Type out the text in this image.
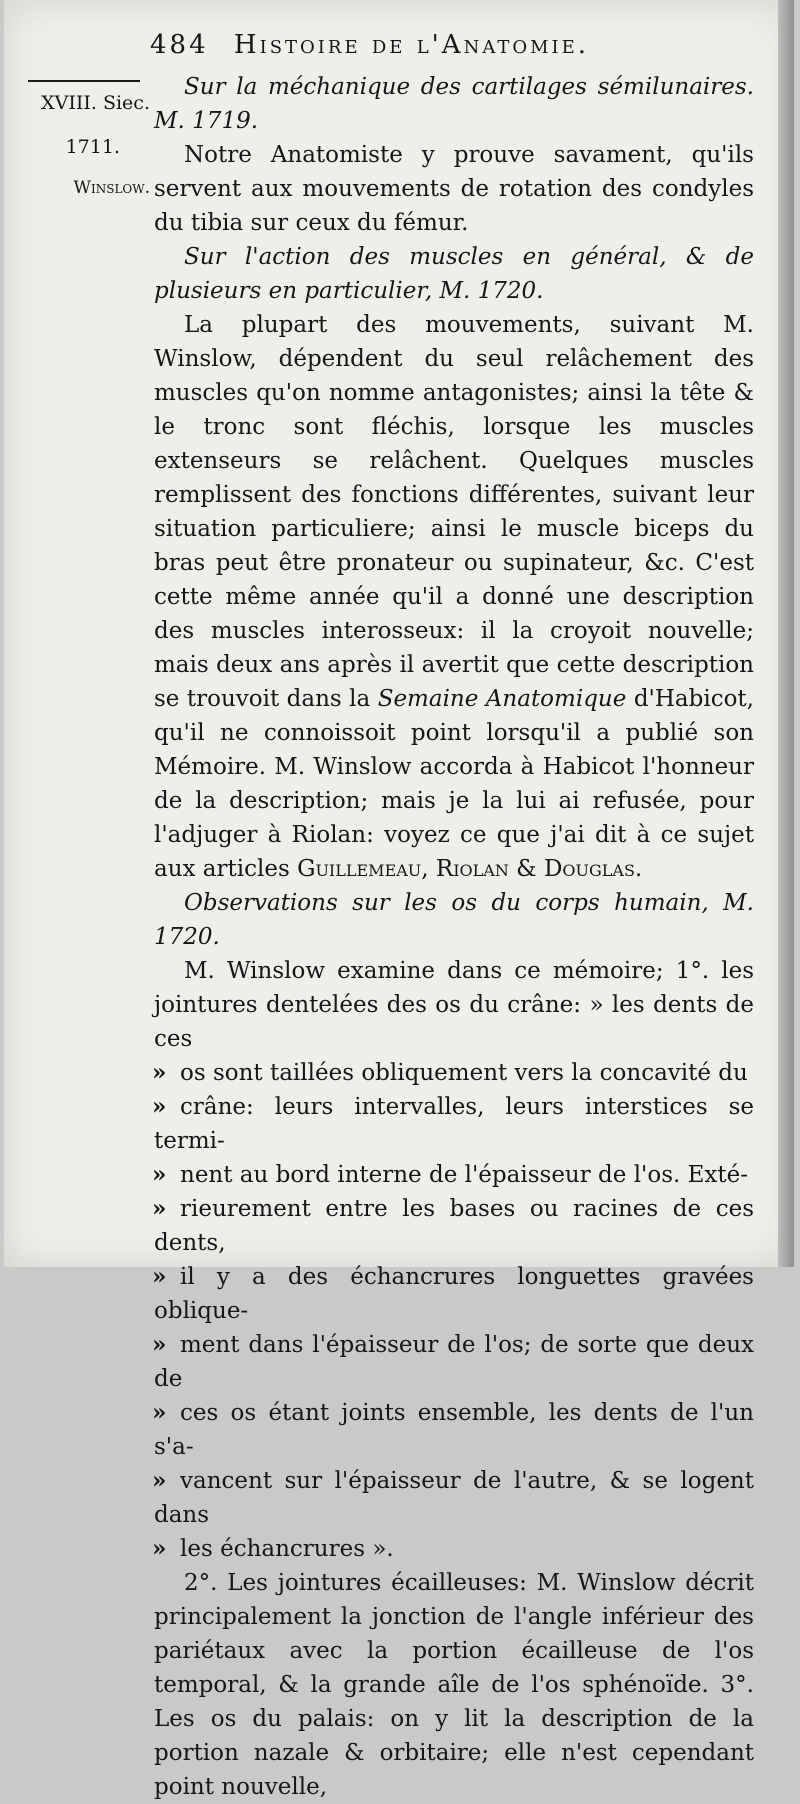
484 Histoire de l'Anatomie.
XVIII. Siec.
1711.
Winslow.

Sur la méchanique des cartilages sémilunaires. M. 1719.

Notre Anatomiste y prouve savament, qu'ils servent aux mouvements de rotation des condyles du tibia sur ceux du fémur.

Sur l'action des muscles en général, & de plusieurs en particulier, M. 1720.

La plupart des mouvements, suivant M. Winslow, dépendent du seul relâchement des muscles qu'on nomme antagonistes; ainsi la tête & le tronc sont fléchis, lorsque les muscles extenseurs se relâchent. Quelques muscles remplissent des fonctions différentes, suivant leur situation particuliere; ainsi le muscle biceps du bras peut être pronateur ou supinateur, &c. C'est cette même année qu'il a donné une description des muscles interosseux: il la croyoit nouvelle; mais deux ans après il avertit que cette description se trouvoit dans la Semaine Anatomique d'Habicot, qu'il ne connoissoit point lorsqu'il a publié son Mémoire. M. Winslow accorda à Habicot l'honneur de la description; mais je la lui ai refusée, pour l'adjuger à Riolan: voyez ce que j'ai dit à ce sujet aux articles Guillemeau, Riolan & Douglas.

Observations sur les os du corps humain, M. 1720.

M. Winslow examine dans ce mémoire; 1°. les jointures dentelées des os du crâne: » les dents de ces

» os sont taillées obliquement vers la concavité du

» crâne: leurs intervalles, leurs interstices se termi-

» nent au bord interne de l'épaisseur de l'os. Exté-

» rieurement entre les bases ou racines de ces dents,

» il y a des échancrures longuettes gravées oblique-

» ment dans l'épaisseur de l'os; de sorte que deux de

» ces os étant joints ensemble, les dents de l'un s'a-

» vancent sur l'épaisseur de l'autre, & se logent dans

» les échancrures ».

2°. Les jointures écailleuses: M. Winslow décrit principalement la jonction de l'angle inférieur des pariétaux avec la portion écailleuse de l'os temporal, & la grande aîle de l'os sphénoïde. 3°. Les os du palais: on y lit la description de la portion nazale & orbitaire; elle n'est cependant point nouvelle,
